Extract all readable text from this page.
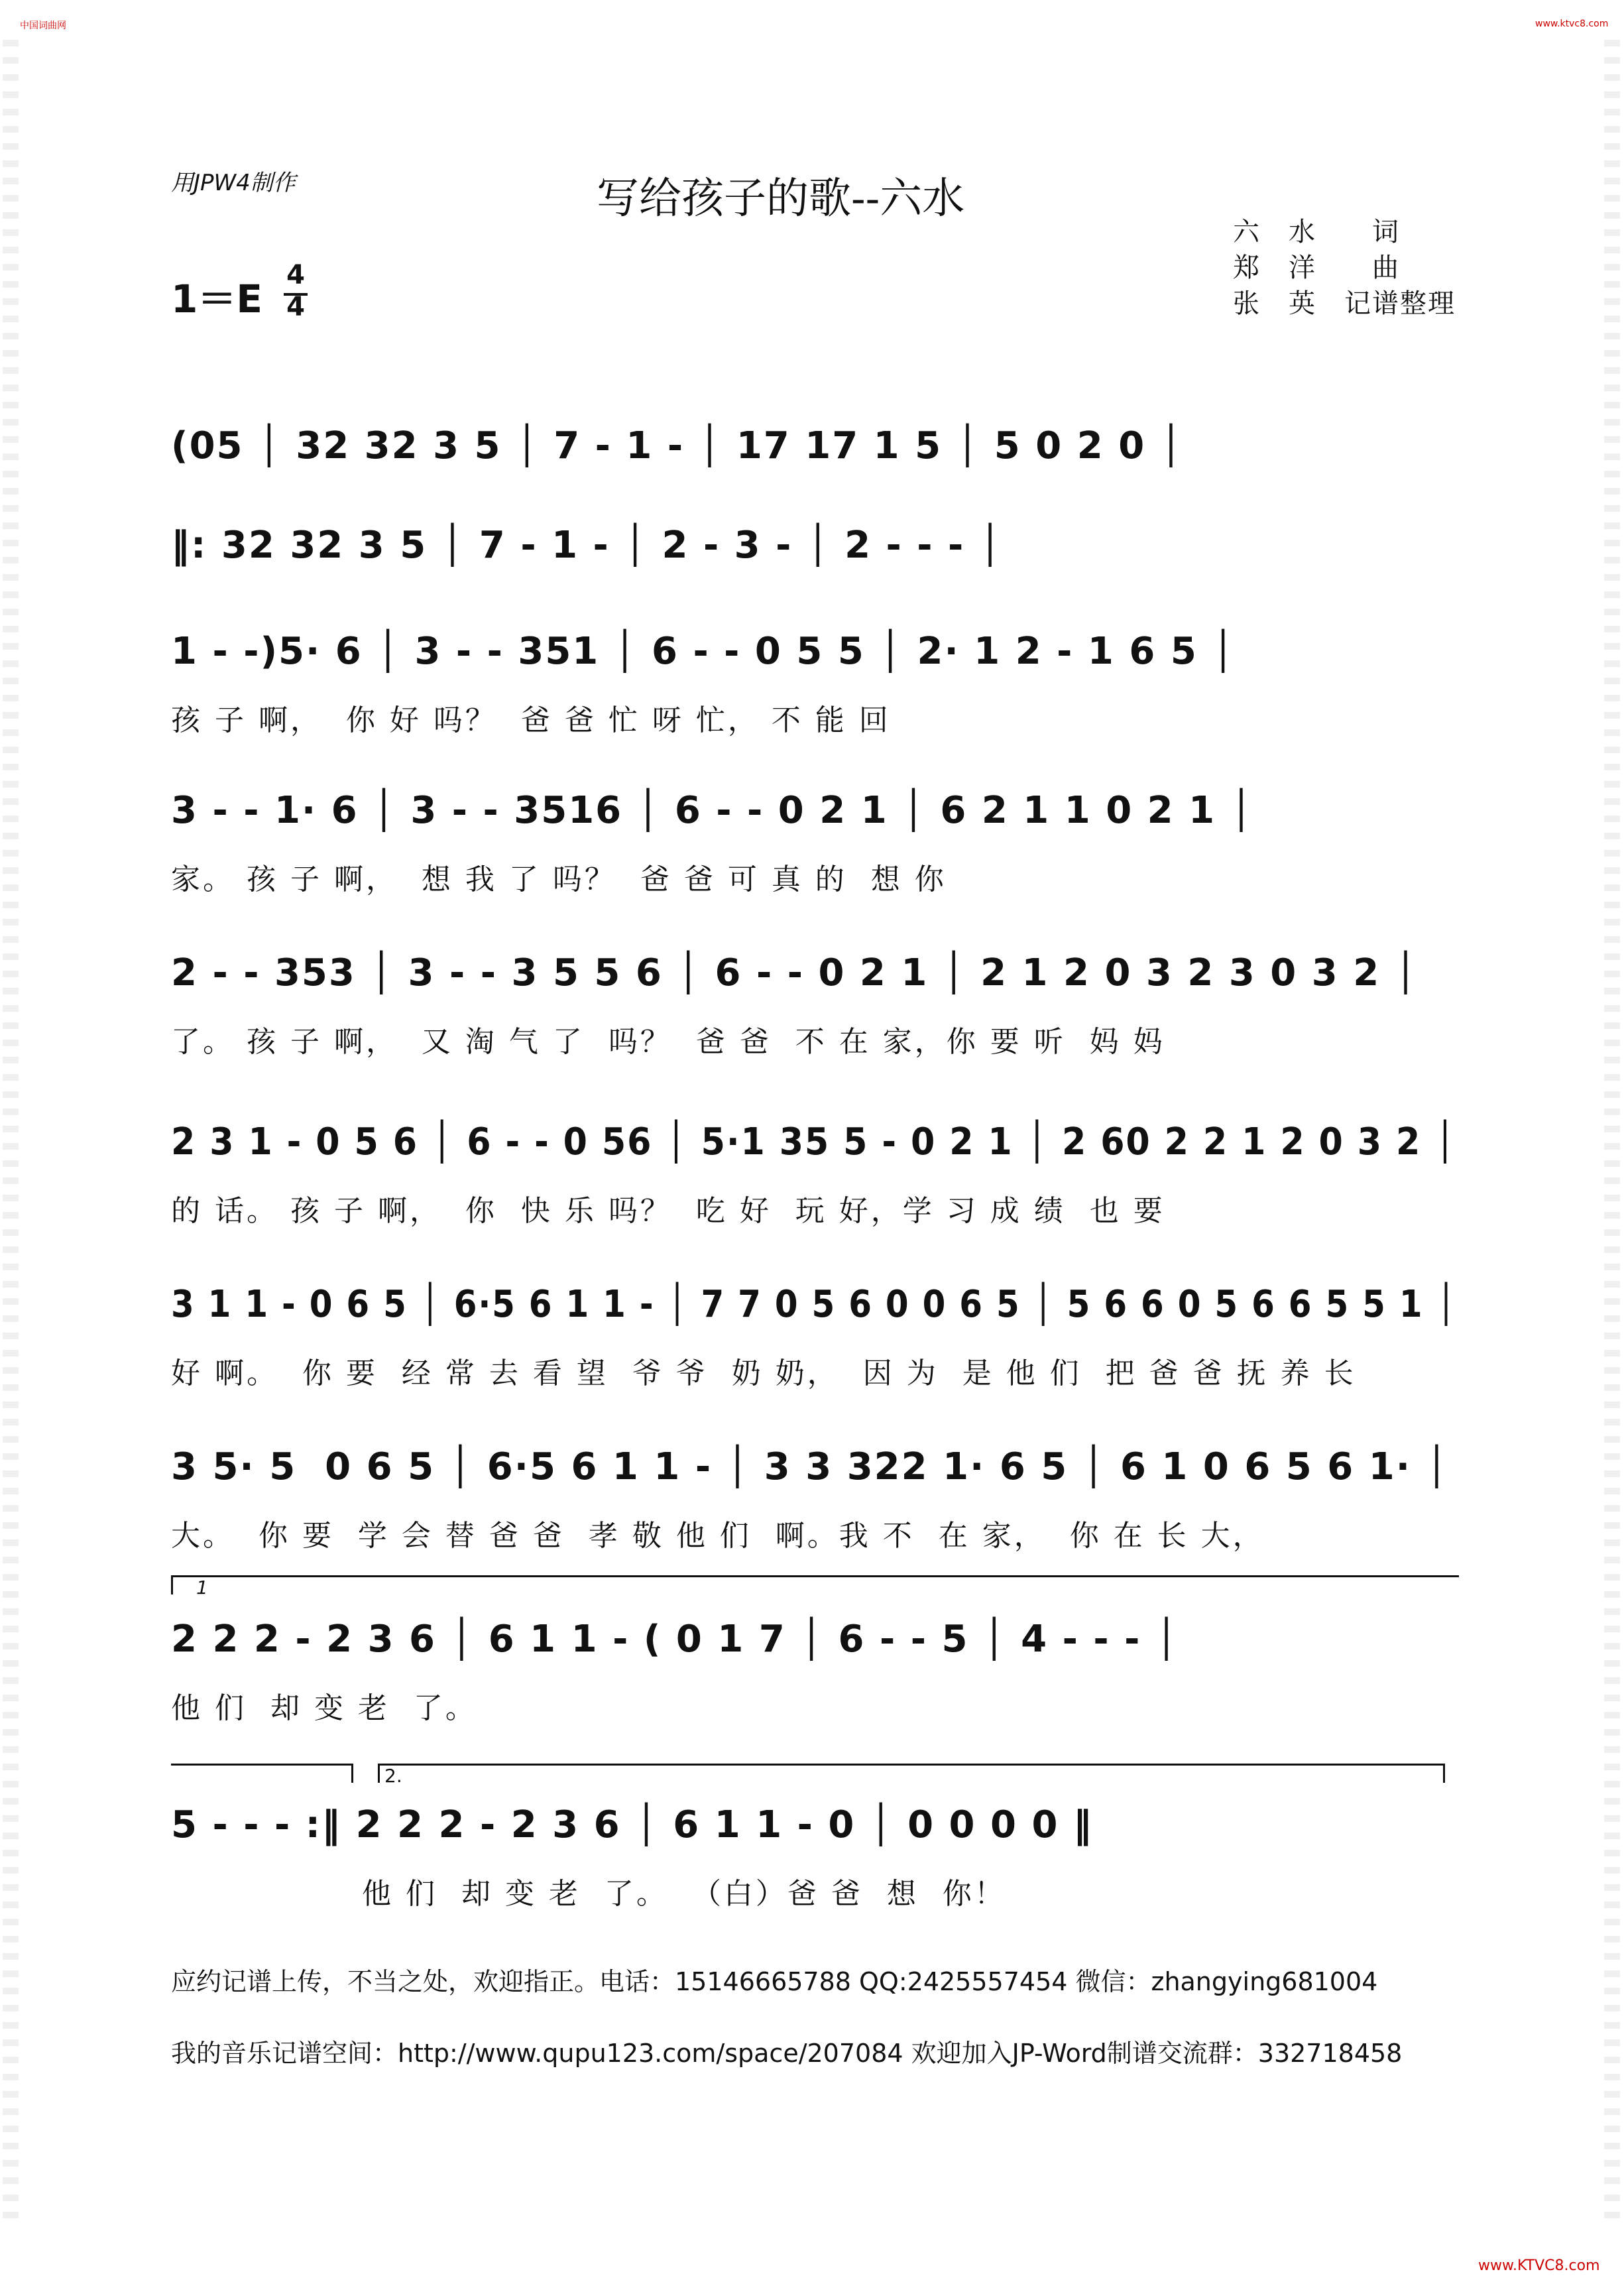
中国词曲网	www.ktvc8.com
www.KTVC8.com
用JPW4制作	写给孩子的歌--六水
六　水　　词
郑　洋　　曲
张　英　记谱整理
1＝E
4
4
(05 │ 32 32 3 5 │ 7 - 1 - │ 17 17 1 5 │ 5 0 2 0 │
‖: 32 32 3 5 │ 7 - 1 - │ 2 - 3 - │ 2 - - - │
1 - -)5· 6 │ 3 - - 351 │ 6 - - 0 5 5 │ 2· 1 2 - 1 6 5 │
孩 子 啊，  你 好 吗？  爸 爸 忙 呀 忙， 不 能 回
3 - - 1· 6 │ 3 - - 3516 │ 6 - - 0 2 1 │ 6 2 1 1 0 2 1 │
家。 孩 子 啊，  想 我 了 吗？  爸 爸 可 真 的  想 你
2 - - 353 │ 3 - - 3 5 5 6 │ 6 - - 0 2 1 │ 2 1 2 0 3 2 3 0 3 2 │
了。 孩 子 啊，  又 淘 气 了  吗？  爸 爸  不 在 家，你 要 听  妈 妈
2 3 1 - 0 5 6 │ 6 - - 0 56 │ 5·1 35 5 - 0 2 1 │ 2 60 2 2 1 2 0 3 2 │
的 话。 孩 子 啊，  你  快 乐 吗？  吃 好  玩 好，学 习 成 绩  也 要
3 1 1 - 0 6 5 │ 6·5 6 1 1 - │ 7 7 0 5 6 0 0 6 5 │ 5 6 6 0 5 6 6 5 5 1 │
好 啊。  你 要  经 常 去 看 望  爷 爷  奶 奶，  因 为  是 他 们  把 爸 爸 抚 养 长
3 5· 5  0 6 5 │ 6·5 6 1 1 - │ 3 3 322 1· 6 5 │ 6 1 0 6 5 6 1· │
大。  你 要  学 会 替 爸 爸  孝 敬 他 们  啊。我 不  在 家，  你 在 长 大，
1
2 2 2 - 2 3 6 │ 6 1 1 - ( 0 1 7 │ 6 - - 5 │ 4 - - - │
他 们  却 变 老  了。
2.
5 - - - :‖ 2 2 2 - 2 3 6 │ 6 1 1 - 0 │ 0 0 0 0 ‖
　　　　　　他 们  却 变 老  了。  （白）爸 爸  想  你！
应约记谱上传，不当之处，欢迎指正。电话：15146665788 QQ:2425557454 微信：zhangying681004
我的音乐记谱空间：http://www.qupu123.com/space/207084 欢迎加入JP-Word制谱交流群：332718458
